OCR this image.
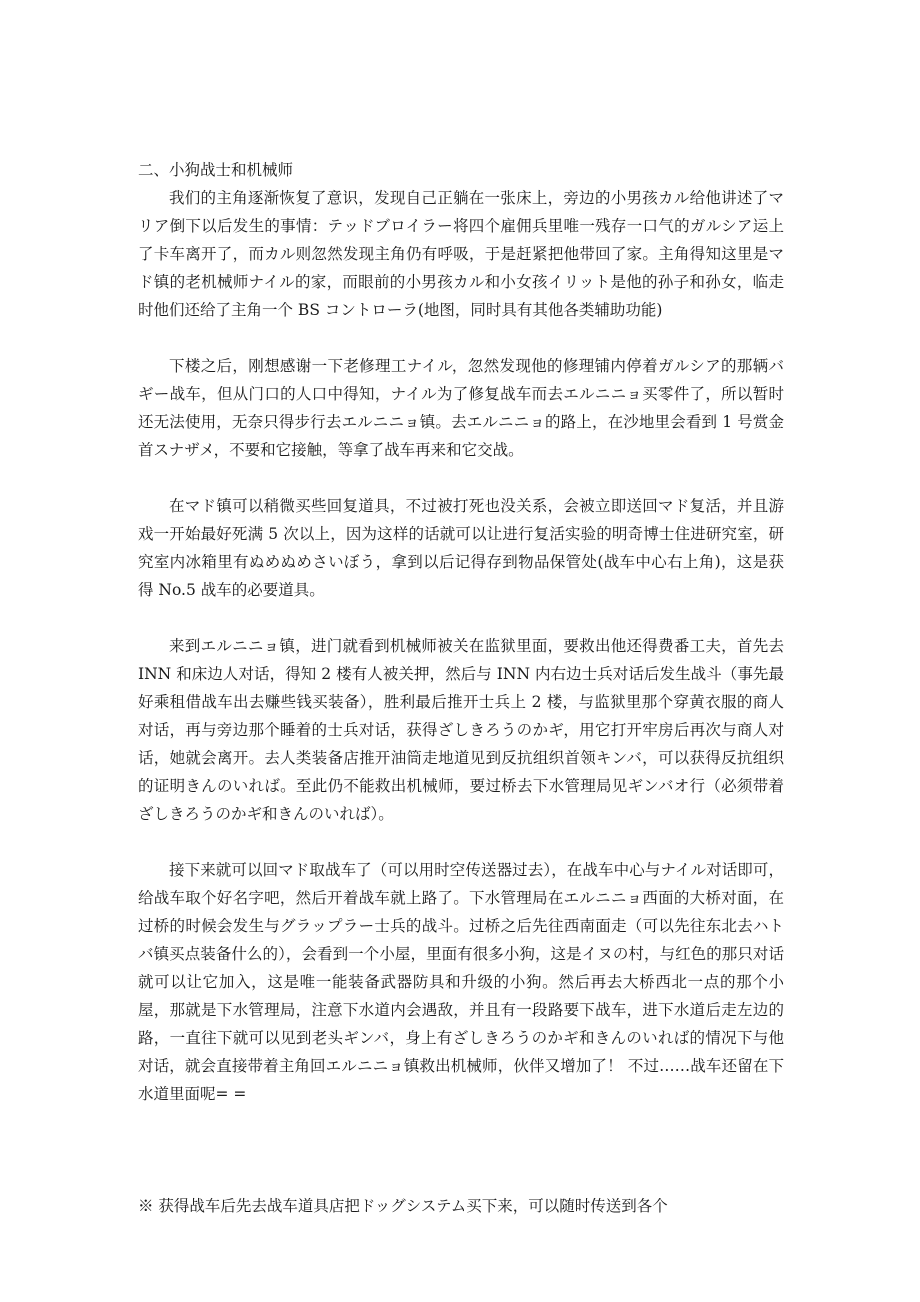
二、小狗战士和机械师

我们的主角逐渐恢复了意识，发现自己正躺在一张床上，旁边的小男孩カル给他讲述了マリア倒下以后发生的事情：テッドブロイラー将四个雇佣兵里唯一残存一口气的ガルシア运上了卡车离开了，而カル则忽然发现主角仍有呼吸，于是赶紧把他带回了家。主角得知这里是マド镇的老机械师ナイル的家，而眼前的小男孩カル和小女孩イリット是他的孙子和孙女，临走时他们还给了主角一个 BS コントローラ(地图，同时具有其他各类辅助功能)

下楼之后，刚想感谢一下老修理工ナイル，忽然发现他的修理铺内停着ガルシア的那辆バギー战车，但从门口的人口中得知，ナイル为了修复战车而去エルニニョ买零件了，所以暂时还无法使用，无奈只得步行去エルニニョ镇。去エルニニョ的路上，在沙地里会看到 1 号赏金首スナザメ，不要和它接触，等拿了战车再来和它交战。

在マド镇可以稍微买些回复道具，不过被打死也没关系，会被立即送回マド复活，并且游戏一开始最好死满 5 次以上，因为这样的话就可以让进行复活实验的明奇博士住进研究室，研究室内冰箱里有ぬめぬめさいぼう，拿到以后记得存到物品保管处(战车中心右上角)，这是获得 No.5 战车的必要道具。

来到エルニニョ镇，进门就看到机械师被关在监狱里面，要救出他还得费番工夫，首先去 INN 和床边人对话，得知 2 楼有人被关押，然后与 INN 内右边士兵对话后发生战斗（事先最好乘租借战车出去赚些钱买装备），胜利最后推开士兵上 2 楼，与监狱里那个穿黄衣服的商人对话，再与旁边那个睡着的士兵对话，获得ざしきろうのかギ，用它打开牢房后再次与商人对话，她就会离开。去人类装备店推开油筒走地道见到反抗组织首领キンバ，可以获得反抗组织的证明きんのいれば。至此仍不能救出机械师，要过桥去下水管理局见ギンバオ行（必须带着ざしきろうのかギ和きんのいれば）。

接下来就可以回マド取战车了（可以用时空传送器过去），在战车中心与ナイル对话即可，给战车取个好名字吧，然后开着战车就上路了。下水管理局在エルニニョ西面的大桥对面，在过桥的时候会发生与グラップラー士兵的战斗。过桥之后先往西南面走（可以先往东北去ハトバ镇买点装备什么的），会看到一个小屋，里面有很多小狗，这是イヌの村，与红色的那只对话就可以让它加入，这是唯一能装备武器防具和升级的小狗。然后再去大桥西北一点的那个小屋，那就是下水管理局，注意下水道内会遇敌，并且有一段路要下战车，进下水道后走左边的路，一直往下就可以见到老头ギンバ，身上有ざしきろうのかギ和きんのいれば的情况下与他对话，就会直接带着主角回エルニニョ镇救出机械师，伙伴又增加了！ 不过……战车还留在下水道里面呢= =

※ 获得战车后先去战车道具店把ドッグシステム买下来，可以随时传送到各个
